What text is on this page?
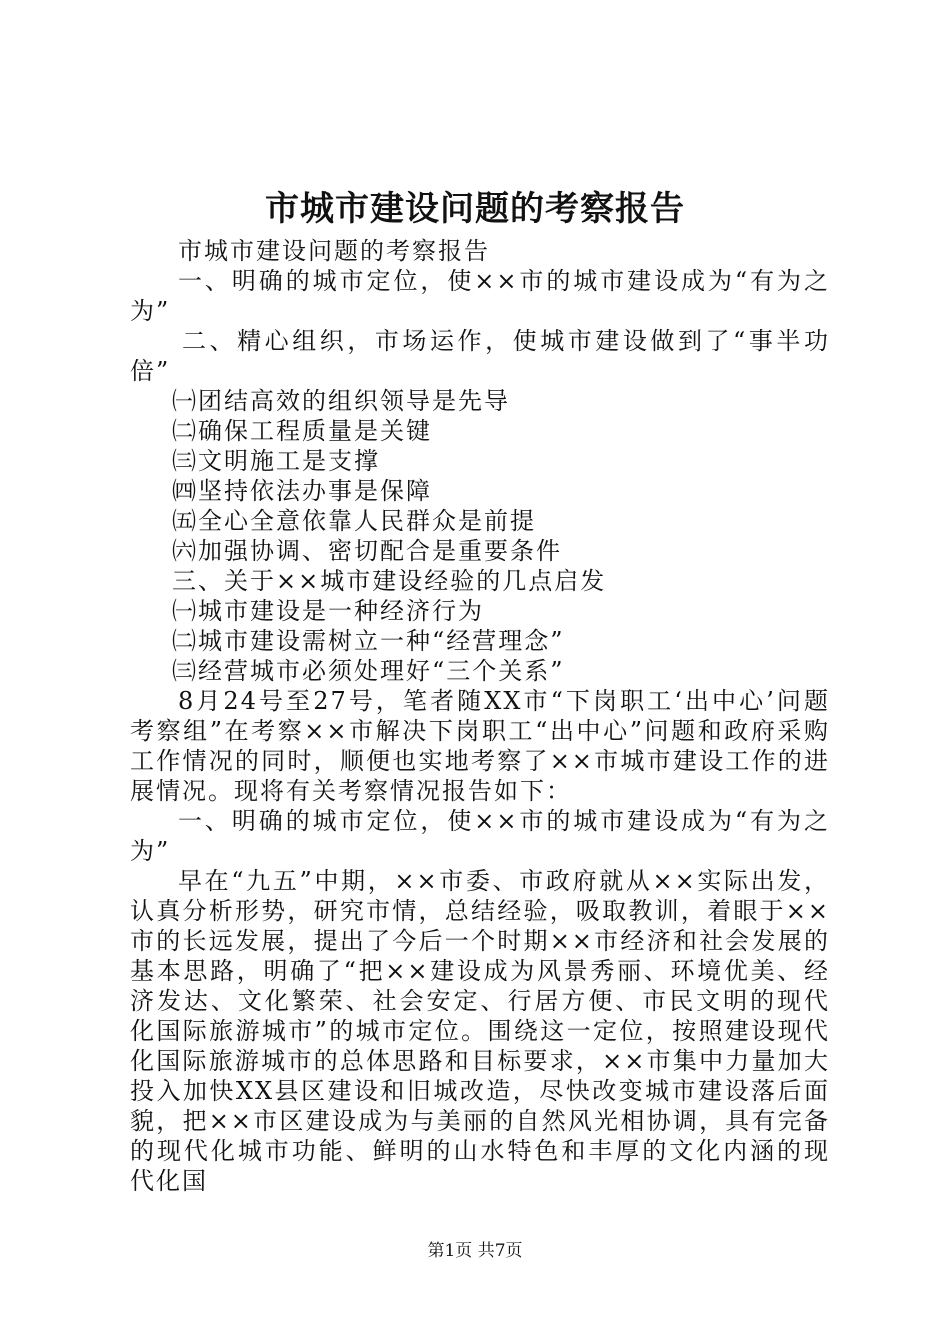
市城市建设问题的考察报告

市城市建设问题的考察报告

一、明确的城市定位，使××市的城市建设成为“有为之为”

二、精心组织，市场运作，使城市建设做到了“事半功倍”

㈠团结高效的组织领导是先导

㈡确保工程质量是关键

㈢文明施工是支撑

㈣坚持依法办事是保障

㈤全心全意依靠人民群众是前提

㈥加强协调、密切配合是重要条件

三、关于××城市建设经验的几点启发

㈠城市建设是一种经济行为

㈡城市建设需树立一种“经营理念”

㈢经营城市必须处理好“三个关系”

8月24号至27号，笔者随XX市“下岗职工‘出中心’问题考察组”在考察××市解决下岗职工“出中心”问题和政府采购工作情况的同时，顺便也实地考察了××市城市建设工作的进展情况。现将有关考察情况报告如下：

一、明确的城市定位，使××市的城市建设成为“有为之为”

早在“九五”中期，××市委、市政府就从××实际出发，认真分析形势，研究市情，总结经验，吸取教训，着眼于××市的长远发展，提出了今后一个时期××市经济和社会发展的基本思路，明确了“把××建设成为风景秀丽、环境优美、经济发达、文化繁荣、社会安定、行居方便、市民文明的现代化国际旅游城市”的城市定位。围绕这一定位，按照建设现代化国际旅游城市的总体思路和目标要求，××市集中力量加大投入加快XX县区建设和旧城改造，尽快改变城市建设落后面貌，把××市区建设成为与美丽的自然风光相协调，具有完备的现代化城市功能、鲜明的山水特色和丰厚的文化内涵的现代化国

第1页 共7页
